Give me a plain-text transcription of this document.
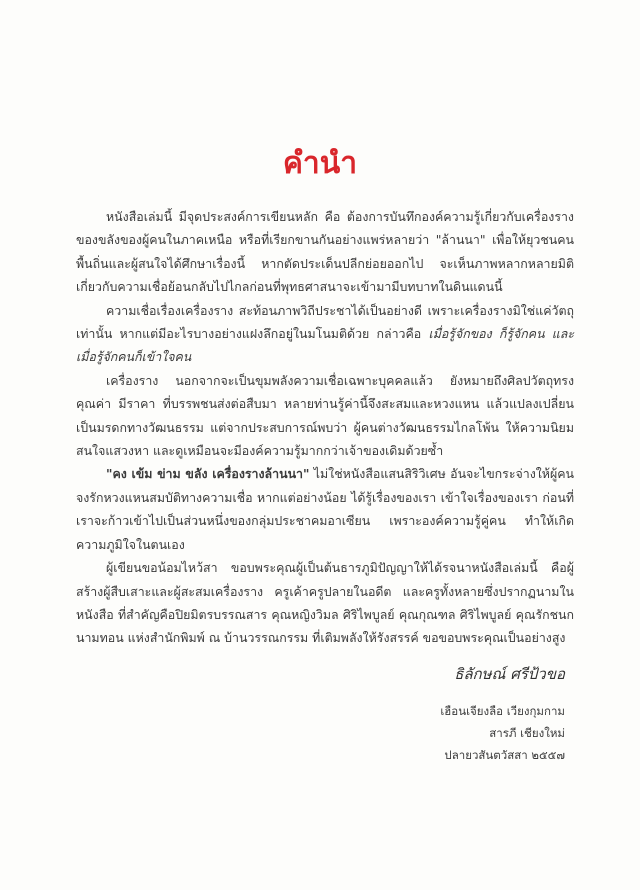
คำนำ

หนังสือเล่มนี้ มีจุดประสงค์การเขียนหลัก คือ ต้องการบันทึกองค์ความรู้เกี่ยวกับเครื่องรางของขลังของผู้คนในภาคเหนือ หรือที่เรียกขานกันอย่างแพร่หลายว่า "ล้านนา" เพื่อให้ยุวชนคนพื้นถิ่นและผู้สนใจได้ศึกษาเรื่องนี้ หากตัดประเด็นปลีกย่อยออกไป จะเห็นภาพหลากหลายมิติเกี่ยวกับความเชื่อย้อนกลับไปไกลก่อนที่พุทธศาสนาจะเข้ามามีบทบาทในดินแดนนี้

ความเชื่อเรื่องเครื่องราง สะท้อนภาพวิถีประชาได้เป็นอย่างดี เพราะเครื่องรางมิใช่แค่วัตถุเท่านั้น หากแต่มีอะไรบางอย่างแฝงลึกอยู่ในมโนมติด้วย กล่าวคือ เมื่อรู้จักของ ก็รู้จักคน และเมื่อรู้จักคนก็เข้าใจคน

เครื่องราง นอกจากจะเป็นขุมพลังความเชื่อเฉพาะบุคคลแล้ว ยังหมายถึงศิลปวัตถุทรงคุณค่า มีราคา ที่บรรพชนส่งต่อสืบมา หลายท่านรู้ค่านี้จึงสะสมและหวงแหน แล้วแปลงเปลี่ยนเป็นมรดกทางวัฒนธรรม แต่จากประสบการณ์พบว่า ผู้คนต่างวัฒนธรรมไกลโพ้น ให้ความนิยมสนใจแสวงหา และดูเหมือนจะมีองค์ความรู้มากกว่าเจ้าของเดิมด้วยซ้ำ

"คง เข้ม ข่าม ขลัง เครื่องรางล้านนา" ไม่ใช่หนังสือแสนสิริวิเศษ อันจะไขกระจ่างให้ผู้คนจงรักหวงแหนสมบัติทางความเชื่อ หากแต่อย่างน้อย ได้รู้เรื่องของเรา เข้าใจเรื่องของเรา ก่อนที่เราจะก้าวเข้าไปเป็นส่วนหนึ่งของกลุ่มประชาคมอาเซียน เพราะองค์ความรู้คู่คน ทำให้เกิดความภูมิใจในตนเอง

ผู้เขียนขอน้อมไหว้สา ขอบพระคุณผู้เป็นต้นธารภูมิปัญญาให้ได้รจนาหนังสือเล่มนี้ คือผู้สร้างผู้สืบเสาะและผู้สะสมเครื่องราง ครูเค้าครูปลายในอดีต และครูทั้งหลายซึ่งปรากฏนามในหนังสือ ที่สำคัญคือปิยมิตรบรรณสาร คุณหญิงวิมล ศิริไพบูลย์ คุณกุณฑล ศิริไพบูลย์ คุณรักชนก นามทอน แห่งสำนักพิมพ์ ณ บ้านวรรณกรรม ที่เติมพลังให้รังสรรค์ ขอขอบพระคุณเป็นอย่างสูง

ธิลักษณ์ ศรีป้วขอ

เฮือนเจียงลือ เวียงกุมกาม
สารภี เชียงใหม่
ปลายวสันตวัสสา ๒๕๕๗
